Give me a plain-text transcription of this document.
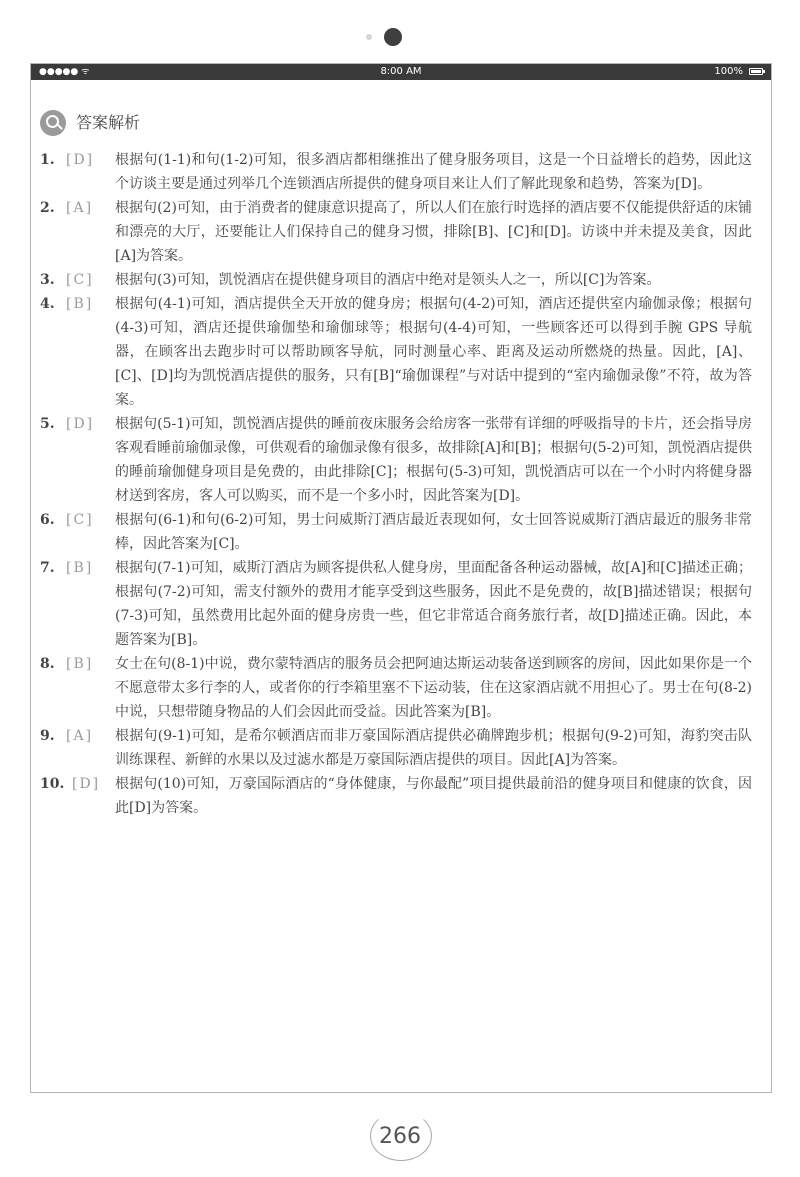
●●●●● ᯤ	8:00 AM	100%
答案解析
1. [D] 根据句(1-1)和句(1-2)可知，很多酒店都相继推出了健身服务项目，这是一个日益增长的趋势，因此这个访谈主要是通过列举几个连锁酒店所提供的健身项目来让人们了解此现象和趋势，答案为[D]。
2. [A] 根据句(2)可知，由于消费者的健康意识提高了，所以人们在旅行时选择的酒店要不仅能提供舒适的床铺和漂亮的大厅，还要能让人们保持自己的健身习惯，排除[B]、[C]和[D]。访谈中并未提及美食，因此[A]为答案。
3. [C] 根据句(3)可知，凯悦酒店在提供健身项目的酒店中绝对是领头人之一，所以[C]为答案。
4. [B] 根据句(4-1)可知，酒店提供全天开放的健身房；根据句(4-2)可知，酒店还提供室内瑜伽录像；根据句(4-3)可知，酒店还提供瑜伽垫和瑜伽球等；根据句(4-4)可知，一些顾客还可以得到手腕 GPS 导航器，在顾客出去跑步时可以帮助顾客导航，同时测量心率、距离及运动所燃烧的热量。因此，[A]、[C]、[D]均为凯悦酒店提供的服务，只有[B]“瑜伽课程”与对话中提到的“室内瑜伽录像”不符，故为答案。
5. [D] 根据句(5-1)可知，凯悦酒店提供的睡前夜床服务会给房客一张带有详细的呼吸指导的卡片，还会指导房客观看睡前瑜伽录像，可供观看的瑜伽录像有很多，故排除[A]和[B]；根据句(5-2)可知，凯悦酒店提供的睡前瑜伽健身项目是免费的，由此排除[C]；根据句(5-3)可知，凯悦酒店可以在一个小时内将健身器材送到客房，客人可以购买，而不是一个多小时，因此答案为[D]。
6. [C] 根据句(6-1)和句(6-2)可知，男士问威斯汀酒店最近表现如何，女士回答说威斯汀酒店最近的服务非常棒，因此答案为[C]。
7. [B] 根据句(7-1)可知，威斯汀酒店为顾客提供私人健身房，里面配备各种运动器械，故[A]和[C]描述正确；根据句(7-2)可知，需支付额外的费用才能享受到这些服务，因此不是免费的，故[B]描述错误；根据句(7-3)可知，虽然费用比起外面的健身房贵一些，但它非常适合商务旅行者，故[D]描述正确。因此，本题答案为[B]。
8. [B] 女士在句(8-1)中说，费尔蒙特酒店的服务员会把阿迪达斯运动装备送到顾客的房间，因此如果你是一个不愿意带太多行李的人，或者你的行李箱里塞不下运动装，住在这家酒店就不用担心了。男士在句(8-2)中说，只想带随身物品的人们会因此而受益。因此答案为[B]。
9. [A] 根据句(9-1)可知，是希尔顿酒店而非万豪国际酒店提供必确牌跑步机；根据句(9-2)可知，海豹突击队训练课程、新鲜的水果以及过滤水都是万豪国际酒店提供的项目。因此[A]为答案。
10. [D] 根据句(10)可知，万豪国际酒店的“身体健康，与你最配”项目提供最前沿的健身项目和健康的饮食，因此[D]为答案。
266
